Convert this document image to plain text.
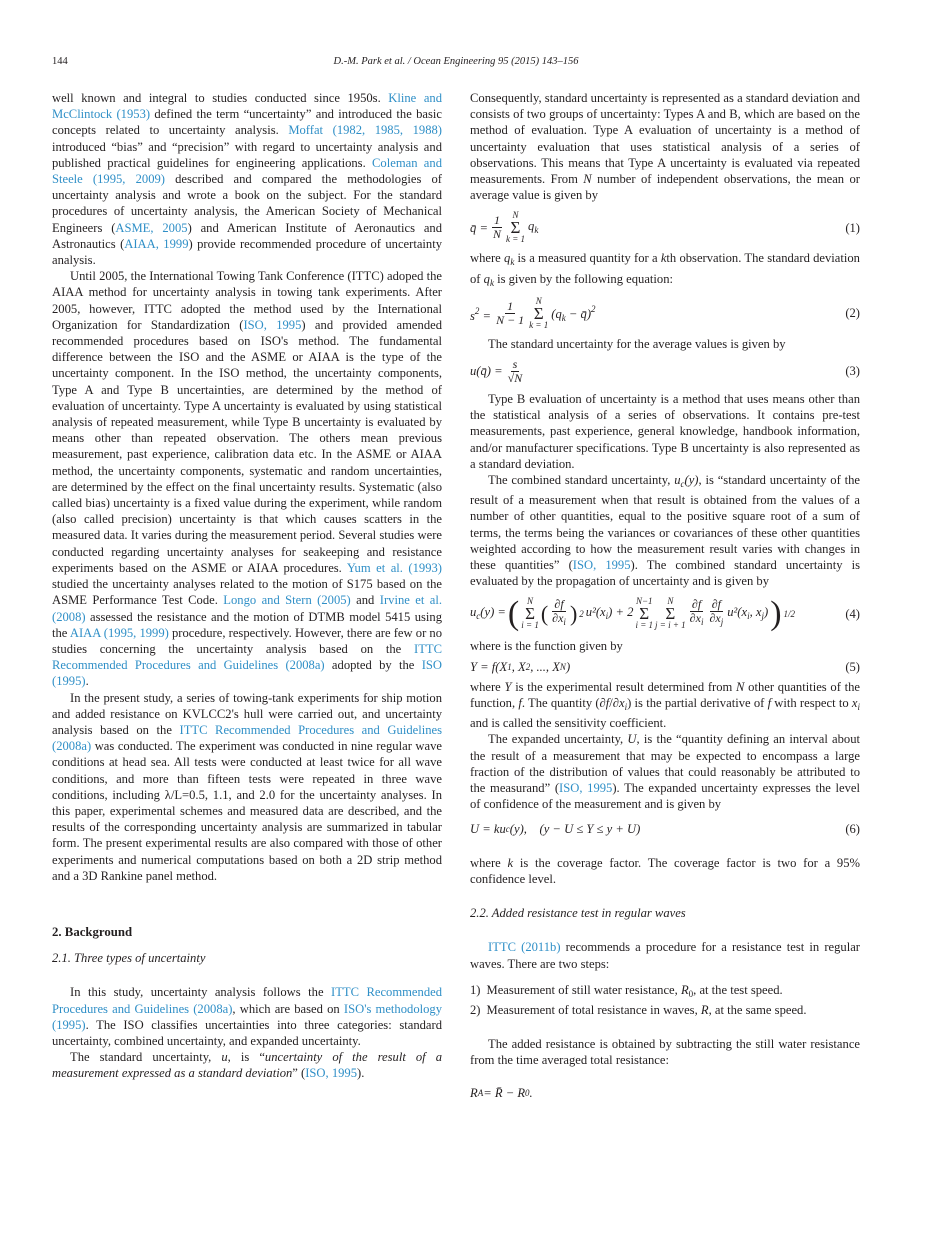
144	D.-M. Park et al. / Ocean Engineering 95 (2015) 143–156

well known and integral to studies conducted since 1950s. Kline and McClintock (1953) defined the term “uncertainty” and introduced the basic concepts related to uncertainty analysis. Moffat (1982, 1985, 1988) introduced “bias” and “precision” with regard to uncertainty analysis and published practical guidelines for engineering applications. Coleman and Steele (1995, 2009) described and compared the methodologies of uncertainty analysis and wrote a book on the subject. For the standard procedures of uncertainty analysis, the American Society of Mechanical Engineers (ASME, 2005) and American Institute of Aeronautics and Astronautics (AIAA, 1999) provide recommended procedure of uncertainty analysis.

Until 2005, the International Towing Tank Conference (ITTC) adoped the AIAA method for uncertainty analysis in towing tank experiments. After 2005, however, ITTC adopted the method used by the International Organization for Standardization (ISO, 1995) and provided amended recommended procedures based on ISO's method. The fundamental difference between the ISO and the ASME or AIAA is the type of the uncertainty component. In the ISO method, the uncertainty components, Type A and Type B uncertainties, are determined by the method of evaluation of uncertainty. Type A uncertainty is evaluated by using statistical analysis of repeated measurement, while Type B uncertainty is evaluated by means other than repeated observation. The others mean previous measurement, past experience, calibration data etc. In the ASME or AIAA method, the uncertainty components, systematic and random uncertainties, are determined by the effect on the final uncertainty results. Systematic (also called bias) uncertainty is a fixed value during the experiment, while random (also called precision) uncertainty is that which causes scatters in the measured data. It varies during the measurement period. Several studies were conducted regarding uncertainty analyses for seakeeping and resistance experiments based on the ASME or AIAA procedures. Yum et al. (1993) studied the uncertainty analyses related to the motion of S175 based on the ASME Performance Test Code. Longo and Stern (2005) and Irvine et al. (2008) assessed the resistance and the motion of DTMB model 5415 using the AIAA (1995, 1999) procedure, respectively. However, there are few or no studies concerning the uncertainty analysis based on the ITTC Recommended Procedures and Guidelines (2008a) adopted by the ISO (1995).

In the present study, a series of towing-tank experiments for ship motion and added resistance on KVLCC2's hull were carried out, and uncertainty analysis based on the ITTC Recommended Procedures and Guidelines (2008a) was conducted. The experiment was conducted in nine regular wave conditions at head sea. All tests were conducted at least twice for all wave conditions, and more than fifteen tests were repeated in three wave conditions, including λ/L=0.5, 1.1, and 2.0 for the uncertainty analyses. In this paper, experimental schemes and measured data are described, and the results of the corresponding uncertainty analysis are summarized in tabular form. The present experimental results are also compared with those of other experiments and numerical computations based on both a 2D strip method and a 3D Rankine panel method.

2. Background

2.1. Three types of uncertainty

In this study, uncertainty analysis follows the ITTC Recommended Procedures and Guidelines (2008a), which are based on ISO's methodology (1995). The ISO classifies uncertainties into three categories: standard uncertainty, combined uncertainty, and expanded uncertainty.

The standard uncertainty, u, is “uncertainty of the result of a measurement expressed as a standard deviation” (ISO, 1995).

Consequently, standard uncertainty is represented as a standard deviation and consists of two groups of uncertainty: Types A and B, which are based on the method of evaluation. Type A evaluation of uncertainty is a method of uncertainty evaluation that uses statistical analysis of a series of observations. This means that Type A uncertainty is evaluated via repeated measurements. From N number of independent observations, the mean or average value is given by

q̄ = $\frac{1}{N}$ N
Σ
k = 1
$q_k$	(1)

where $q_k$ is a measured quantity for a kth observation. The standard deviation of $q_k$ is given by the following equation:

$s^2 = \frac{1}{N - 1}$ N
Σ
k = 1
($q_k$ − q̄)$^2$	(2)

The standard uncertainty for the average values is given by

u(q̄) = $\frac{s}{√N}$	(3)

Type B evaluation of uncertainty is a method that uses means other than the statistical analysis of a series of observations. It contains pre-test measurements, past experience, general knowledge, handbook information, and/or manufacturer specifications. Type B uncertainty is also represented as a standard deviation.

The combined standard uncertainty, $u_c(y)$, is “standard uncertainty of the result of a measurement when that result is obtained from the values of a number of other quantities, equal to the positive square root of a sum of terms, the terms being the variances or covariances of these other quantities weighted according to how the measurement result varies with changes in these quantities” (ISO, 1995). The combined standard uncertainty is evaluated by the propagation of uncertainty and is given by

$u_c(y)$ = ( N
Σ
i = 1 ( $\frac{\partial f}{\partial x_i}$ ) 2 $u^2(x_i) + 2$
N−1
Σ
i = 1
N
Σ
$j = i + 1 \frac{\partial f}{\partial x_i} \frac{\partial f}{\partial x_j} u^2(x_i$, $x_j$) ) 1/2	(4)

where is the function given by

Y = f(X 1 , X 2 , ..., X N )	(5)

where Y is the experimental result determined from N other quantities of the function, f. The quantity $(\partial f/\partial x_i)$ is the partial derivative of f with respect to $x_i$ and is called the sensitivity coefficient.

The expanded uncertainty, U, is the “quantity defining an interval about the result of a measurement that may be expected to encompass a large fraction of the distribution of values that could reasonably be attributed to the measurand” (ISO, 1995). The expanded uncertainty expresses the level of confidence of the measurement and is given by

U = ku c (y),    (y − U ≤ Y ≤ y + U)	(6)

where k is the coverage factor. The coverage factor is two for a 95% confidence level.

2.2. Added resistance test in regular waves

ITTC (2011b) recommends a procedure for a resistance test in regular waves. There are two steps:

1) Measurement of still water resistance, $R_0$, at the test speed.
2) Measurement of total resistance in waves, R, at the same speed.

The added resistance is obtained by subtracting the still water resistance from the time averaged total resistance:

R A = R̄ − R 0 .
